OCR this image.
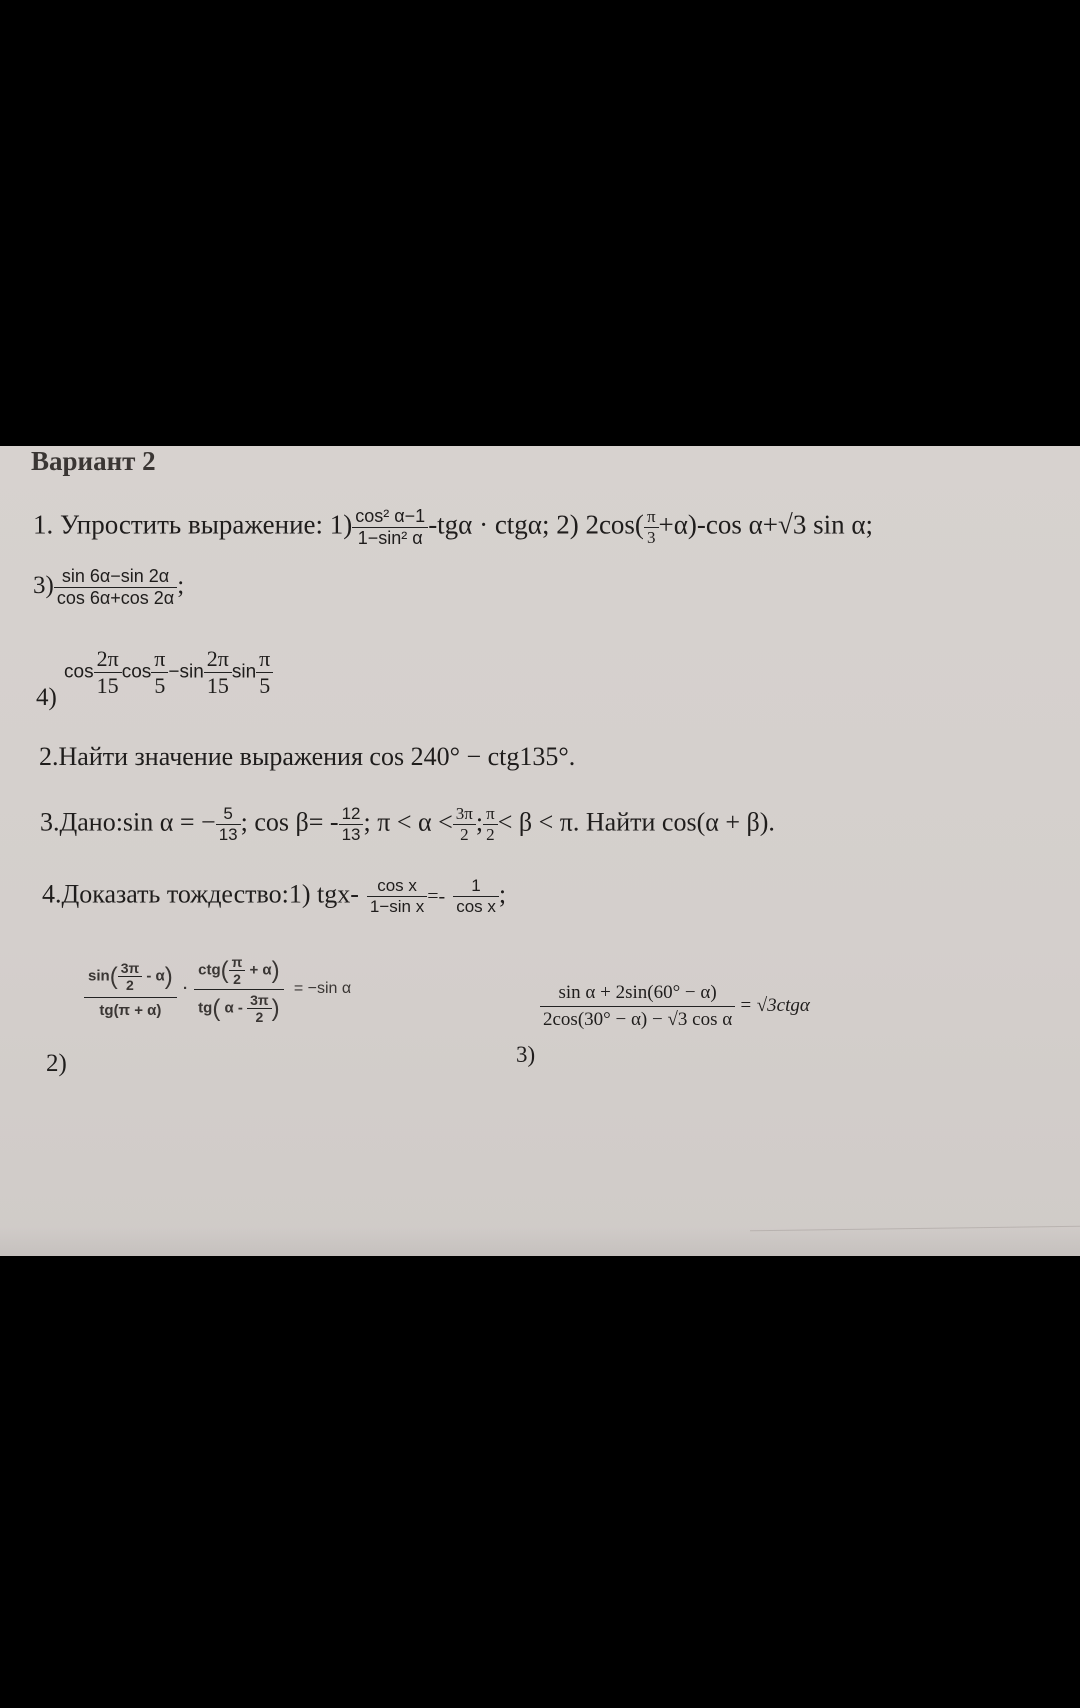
Вариант 2
1. Упростить выражение: $1) \frac{\text{cos² α−1}}{\text{1−sin² α}} -tg\alpha \cdot ctg\alpha$; 2) $2\cos( \frac{\pi}{3} +\alpha)-\cos$ α+√3 sin α;
$3) \frac{\sin 6\alpha-\sin 2\alpha}{\cos 6\alpha+\cos 2\alpha}$ ;
4)
$\cos \frac{2\pi}{15}$ $\cos \frac{\pi}{5} -\sin \frac{2\pi}{15}$ $\sin \frac{\pi}{5}$
2.Найти значение выражения cos 240° − ctg135°.
3.Дано:sin α = − $\frac{5}{13}$ ; $\cos \beta= - \frac{12}{13}$ ; $\pi < \alpha < \frac{3\pi}{2}$ ; $\frac{\pi}{2} < \beta < \pi$. Найти cos(α + β).
4.Доказать тождество:1) $tgx- \frac{\text{cos x}}{\text{1−sin x}} =- \frac{1}{\text{cos x}}$ ;
2)
$\frac{\sin( \frac{3\pi}{2} - \alpha)}{tg(\pi + \alpha)} \cdot \frac{ctg( \frac{\pi}{2} + \alpha)}{tg( \alpha - \frac{3\pi}{2} )} = -\sin$ α
3)
$\frac{\text{sin α + 2sin(60° − α)}}{\text{2cos(30° − α) − √3 cos α}} = √3ctg\alpha$
